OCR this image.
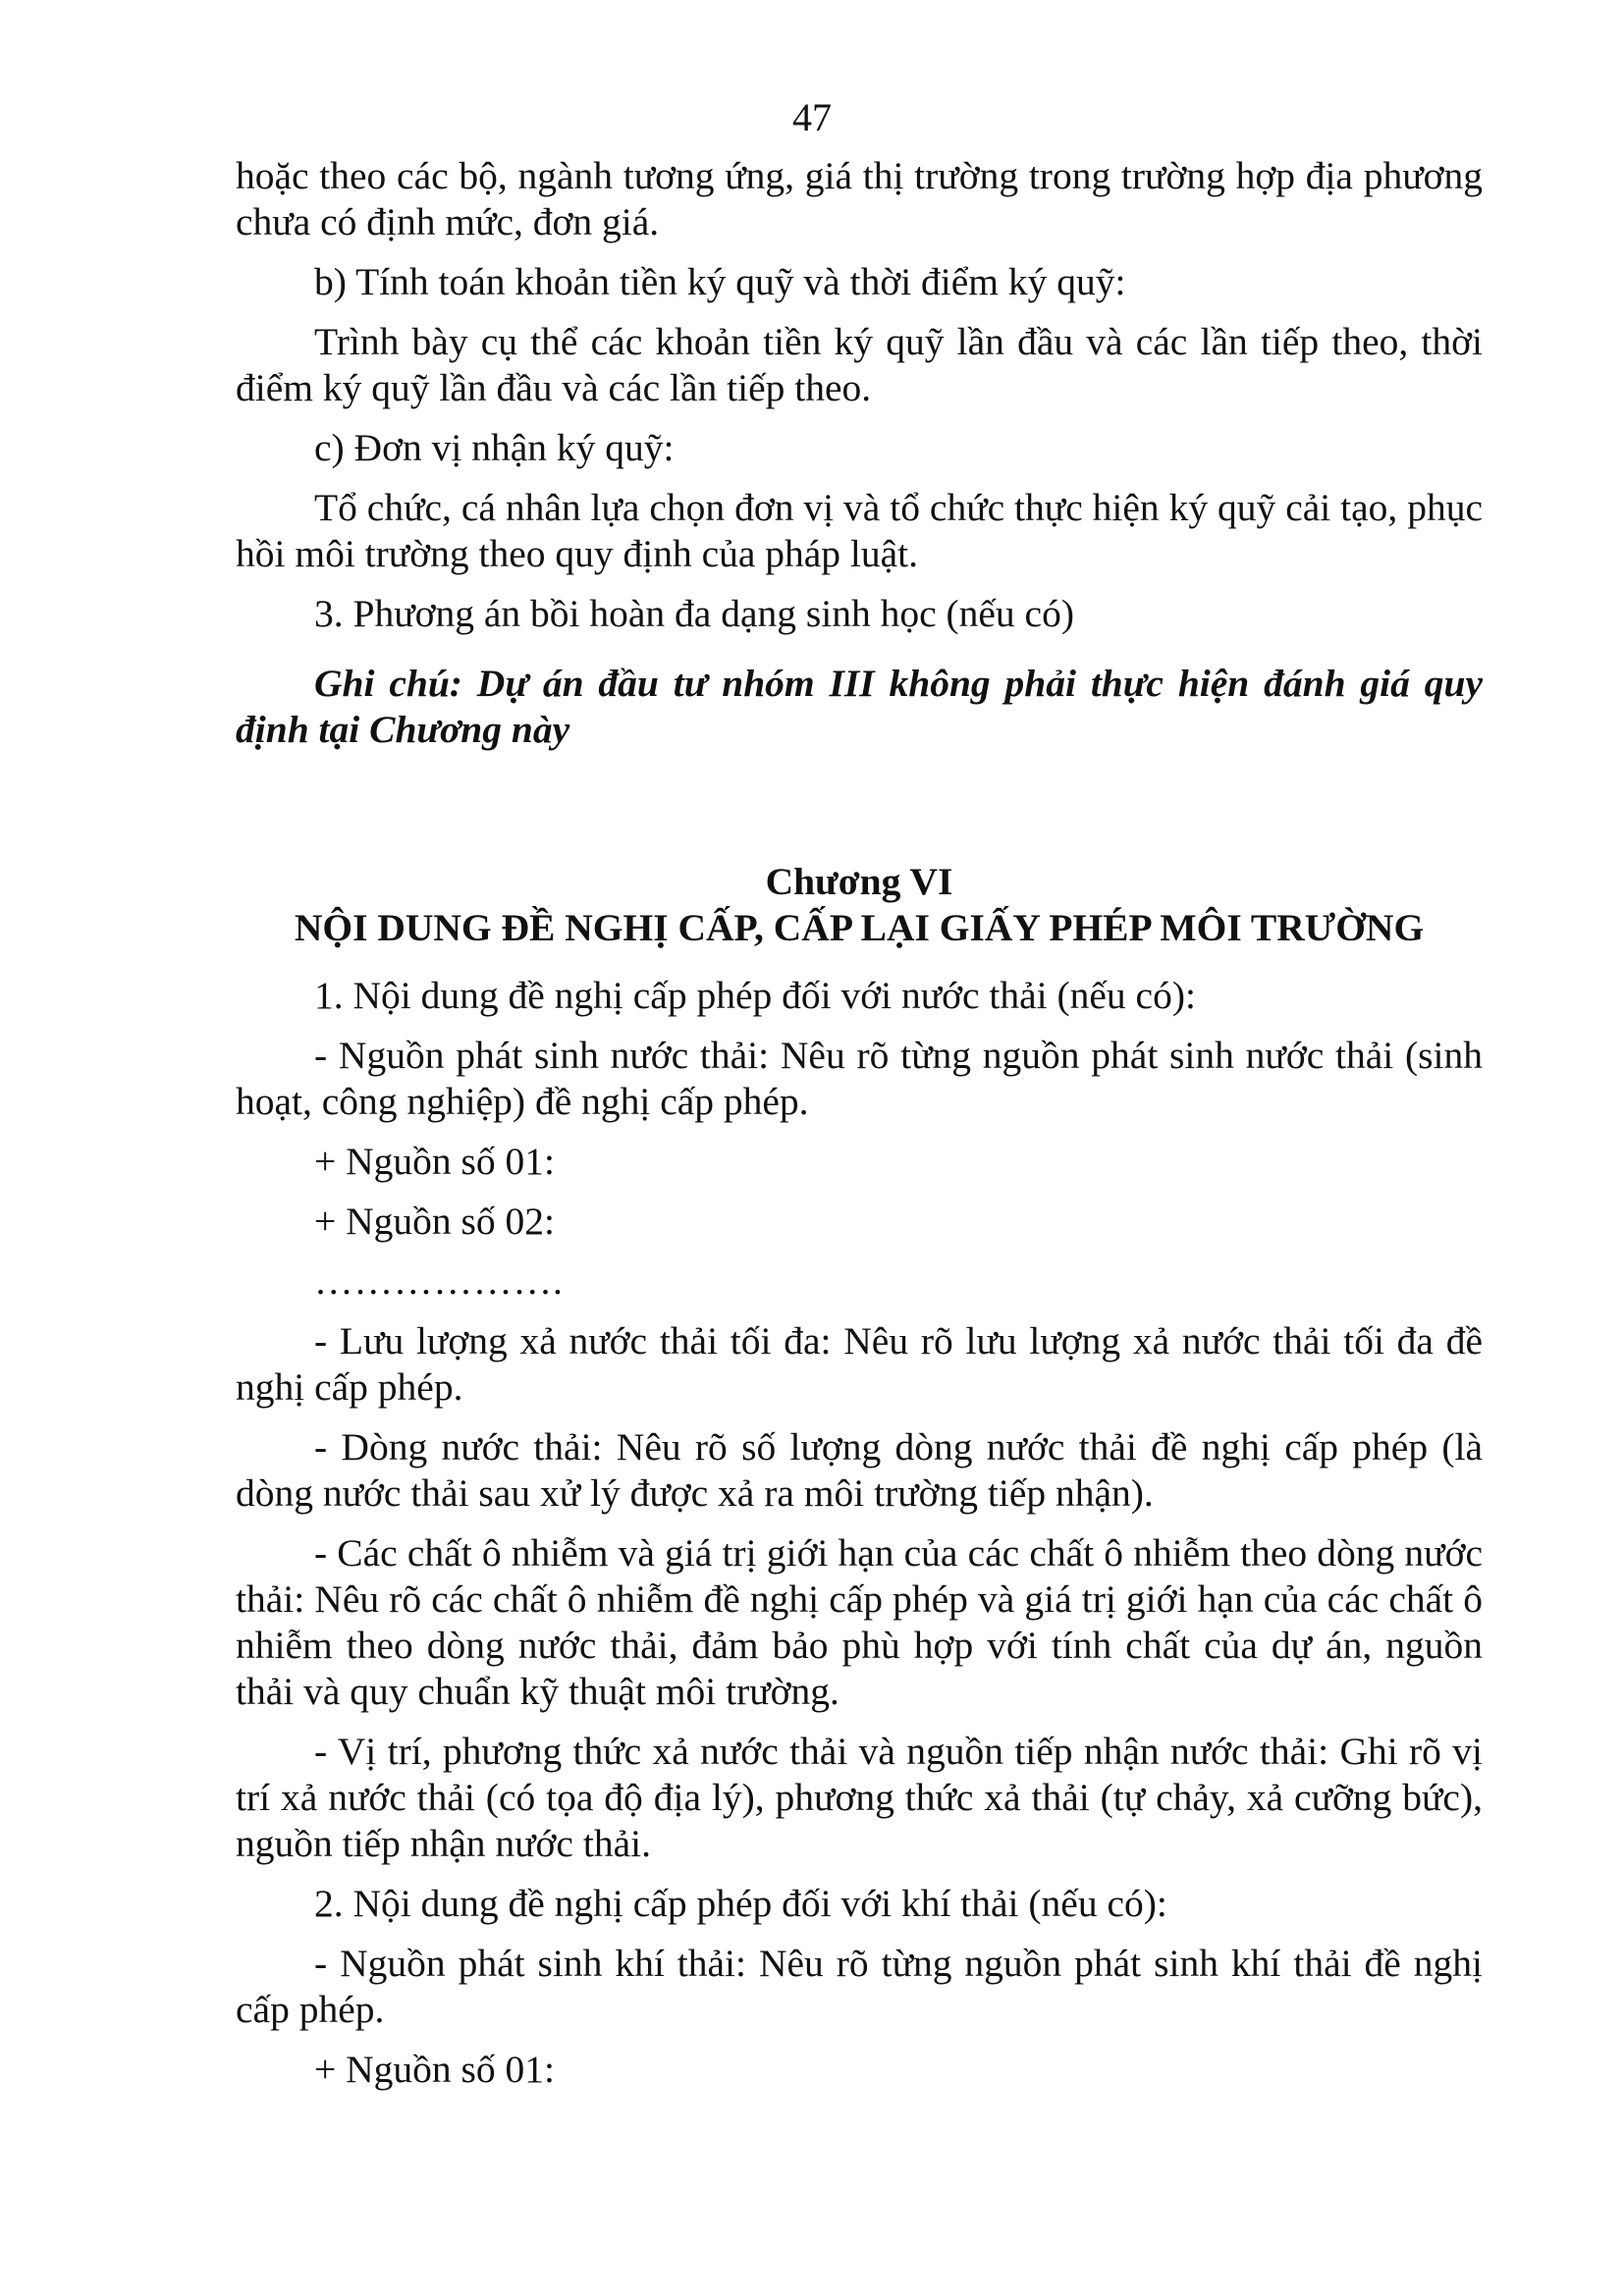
47

hoặc theo các bộ, ngành tương ứng, giá thị trường trong trường hợp địa phương chưa có định mức, đơn giá.

b) Tính toán khoản tiền ký quỹ và thời điểm ký quỹ:

Trình bày cụ thể các khoản tiền ký quỹ lần đầu và các lần tiếp theo, thời điểm ký quỹ lần đầu và các lần tiếp theo.

c) Đơn vị nhận ký quỹ:

Tổ chức, cá nhân lựa chọn đơn vị và tổ chức thực hiện ký quỹ cải tạo, phục hồi môi trường theo quy định của pháp luật.

3. Phương án bồi hoàn đa dạng sinh học (nếu có)

Ghi chú: Dự án đầu tư nhóm III không phải thực hiện đánh giá quy định tại Chương này

Chương VI
NỘI DUNG ĐỀ NGHỊ CẤP, CẤP LẠI GIẤY PHÉP MÔI TRƯỜNG

1. Nội dung đề nghị cấp phép đối với nước thải (nếu có):

- Nguồn phát sinh nước thải: Nêu rõ từng nguồn phát sinh nước thải (sinh hoạt, công nghiệp) đề nghị cấp phép.

+ Nguồn số 01:

+ Nguồn số 02:

……………….

- Lưu lượng xả nước thải tối đa: Nêu rõ lưu lượng xả nước thải tối đa đề nghị cấp phép.

- Dòng nước thải: Nêu rõ số lượng dòng nước thải đề nghị cấp phép (là dòng nước thải sau xử lý được xả ra môi trường tiếp nhận).

- Các chất ô nhiễm và giá trị giới hạn của các chất ô nhiễm theo dòng nước thải: Nêu rõ các chất ô nhiễm đề nghị cấp phép và giá trị giới hạn của các chất ô nhiễm theo dòng nước thải, đảm bảo phù hợp với tính chất của dự án, nguồn thải và quy chuẩn kỹ thuật môi trường.

- Vị trí, phương thức xả nước thải và nguồn tiếp nhận nước thải: Ghi rõ vị trí xả nước thải (có tọa độ địa lý), phương thức xả thải (tự chảy, xả cưỡng bức), nguồn tiếp nhận nước thải.

2. Nội dung đề nghị cấp phép đối với khí thải (nếu có):

- Nguồn phát sinh khí thải: Nêu rõ từng nguồn phát sinh khí thải đề nghị cấp phép.

+ Nguồn số 01:
